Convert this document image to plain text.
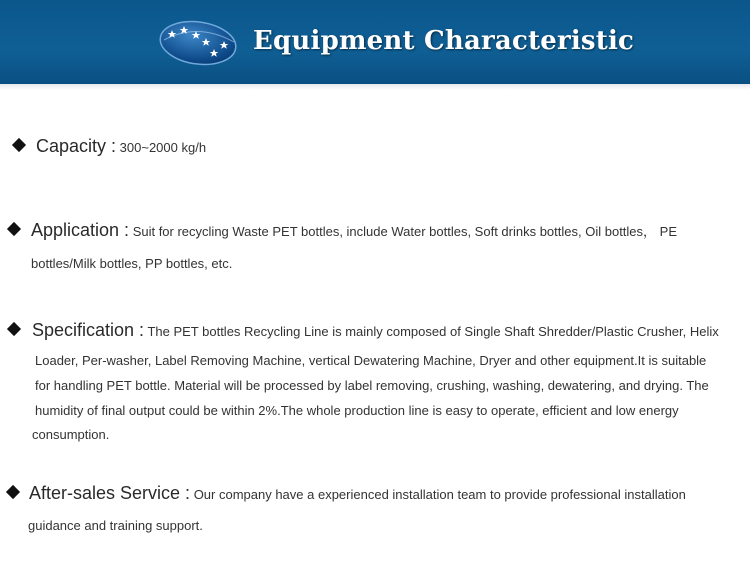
Equipment Characteristic
Capacity : 300~2000 kg/h
Application : Suit for recycling Waste PET bottles, include Water bottles, Soft drinks bottles, Oil bottles， PE
bottles/Milk bottles, PP bottles, etc.
Specification : The PET bottles Recycling Line is mainly composed of Single Shaft Shredder/Plastic Crusher, Helix
Loader, Per-washer, Label Removing Machine, vertical Dewatering Machine, Dryer and other equipment.It is suitable
for handling PET bottle. Material will be processed by label removing, crushing, washing, dewatering, and drying. The
humidity of final output could be within 2%.The whole production line is easy to operate, efficient and low energy
consumption.
After-sales Service : Our company have a experienced installation team to provide professional installation
guidance and training support.
